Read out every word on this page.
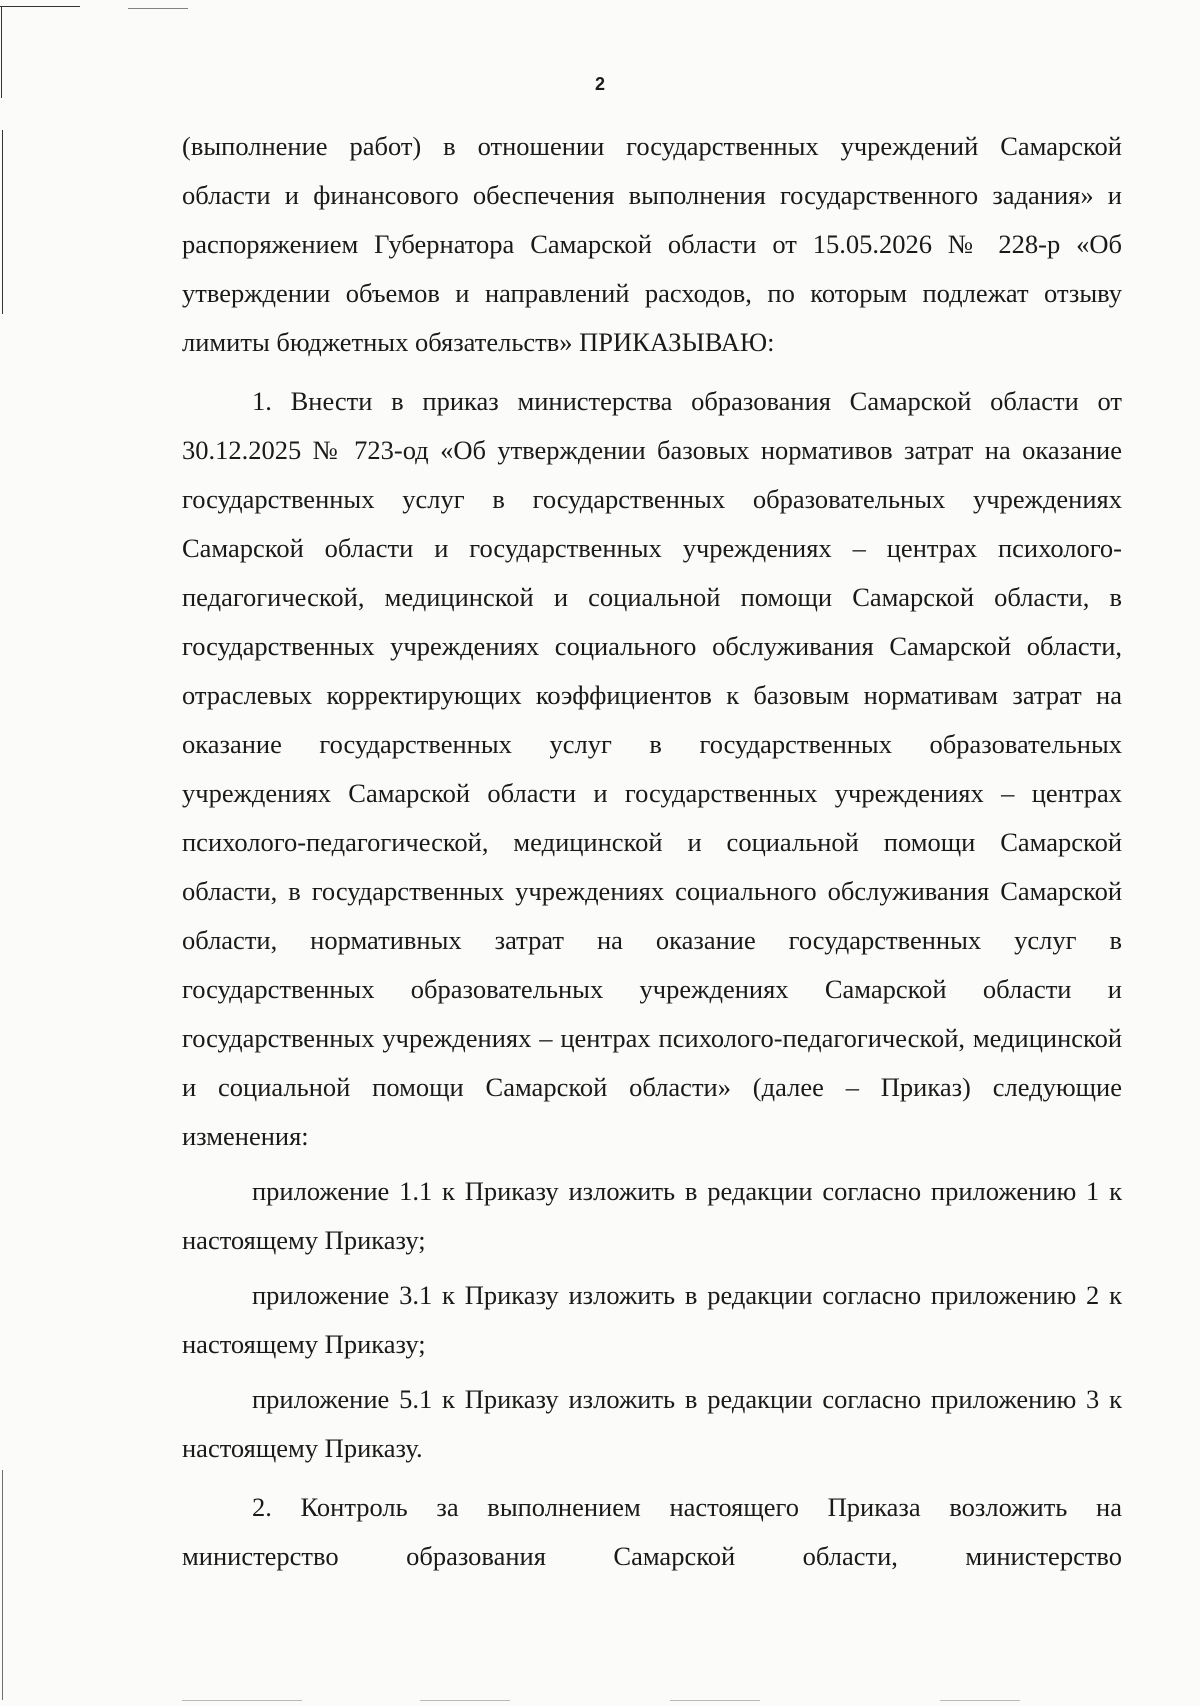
2

(выполнение работ) в отношении государственных учреждений Самарской области и финансового обеспечения выполнения государственного задания» и распоряжением Губернатора Самарской области от 15.05.2026 № 228-р «Об утверждении объемов и направлений расходов, по которым подлежат отзыву лимиты бюджетных обязательств» ПРИКАЗЫВАЮ:

1. Внести в приказ министерства образования Самарской области от 30.12.2025 № 723-од «Об утверждении базовых нормативов затрат на оказание государственных услуг в государственных образовательных учреждениях Самарской области и государственных учреждениях – центрах психолого-педагогической, медицинской и социальной помощи Самарской области, в государственных учреждениях социального обслуживания Самарской области, отраслевых корректирующих коэффициентов к базовым нормативам затрат на оказание государственных услуг в государственных образовательных учреждениях Самарской области и государственных учреждениях – центрах психолого-педагогической, медицинской и социальной помощи Самарской области, в государственных учреждениях социального обслуживания Самарской области, нормативных затрат на оказание государственных услуг в государственных образовательных учреждениях Самарской области и государственных учреждениях – центрах психолого-педагогической, медицинской и социальной помощи Самарской области» (далее – Приказ) следующие изменения:

приложение 1.1 к Приказу изложить в редакции согласно приложению 1 к настоящему Приказу;

приложение 3.1 к Приказу изложить в редакции согласно приложению 2 к настоящему Приказу;

приложение 5.1 к Приказу изложить в редакции согласно приложению 3 к настоящему Приказу.

2. Контроль за выполнением настоящего Приказа возложить на министерство образования Самарской области, министерство
